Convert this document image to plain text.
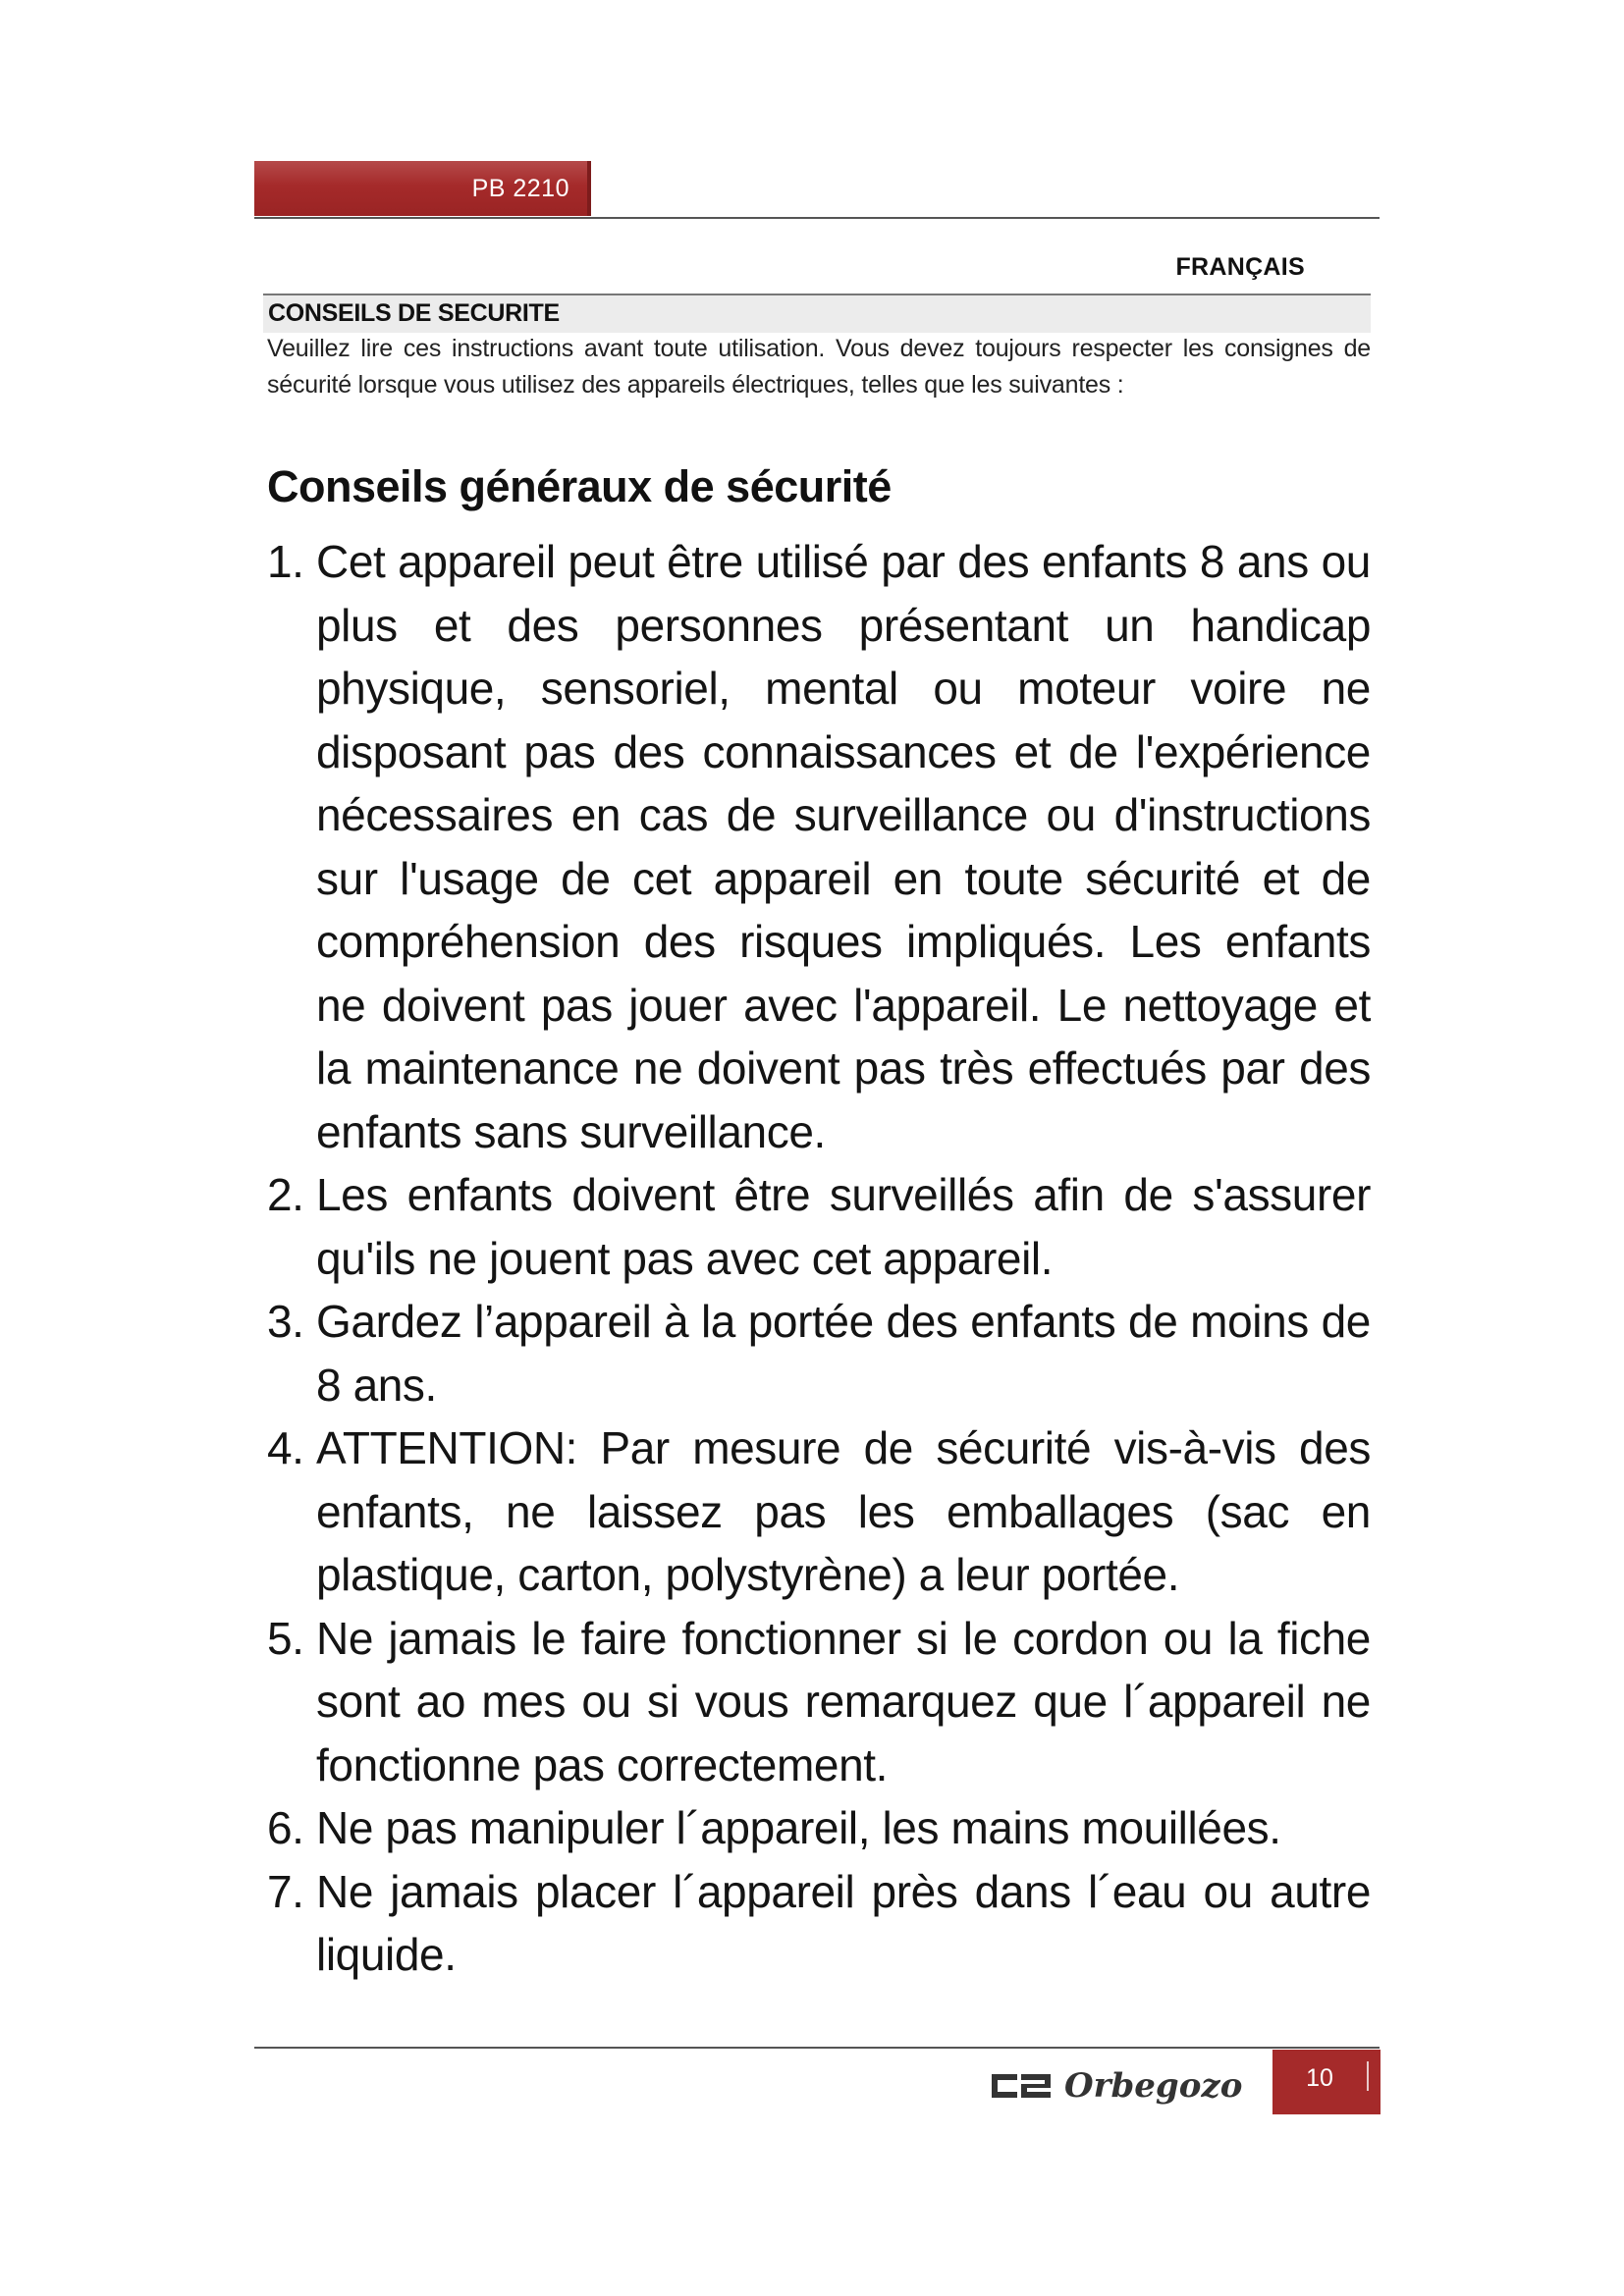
PB 2210
FRANÇAIS
CONSEILS DE SECURITE
Veuillez lire ces instructions avant toute utilisation. Vous devez toujours respecter les consignes de sécurité lorsque vous utilisez des appareils électriques, telles que les suivantes :
Conseils généraux de sécurité
1. Cet appareil peut être utilisé par des enfants 8 ans ou plus et des personnes présentant un handicap physique, sensoriel, mental ou moteur voire ne disposant pas des connaissances et de l'expérience nécessaires en cas de surveillance ou d'instructions sur l'usage de cet appareil en toute sécurité et de compréhension des risques impliqués. Les enfants ne doivent pas jouer avec l'appareil. Le nettoyage et la maintenance ne doivent pas très effectués par des enfants sans surveillance.
2. Les enfants doivent être surveillés afin de s'assurer qu'ils ne jouent pas avec cet appareil.
3. Gardez l’appareil à la portée des enfants de moins de 8 ans.
4. ATTENTION: Par mesure de sécurité vis-à-vis des enfants, ne laissez pas les emballages (sac en plastique, carton, polystyrène) a leur portée.
5. Ne jamais le faire fonctionner si le cordon ou la fiche sont ao mes ou si vous remarquez que l´appareil ne fonctionne pas correctement.
6. Ne pas manipuler l´appareil, les mains mouillées.
7. Ne jamais placer l´appareil près dans l´eau ou autre liquide.
Orbegozo	10
